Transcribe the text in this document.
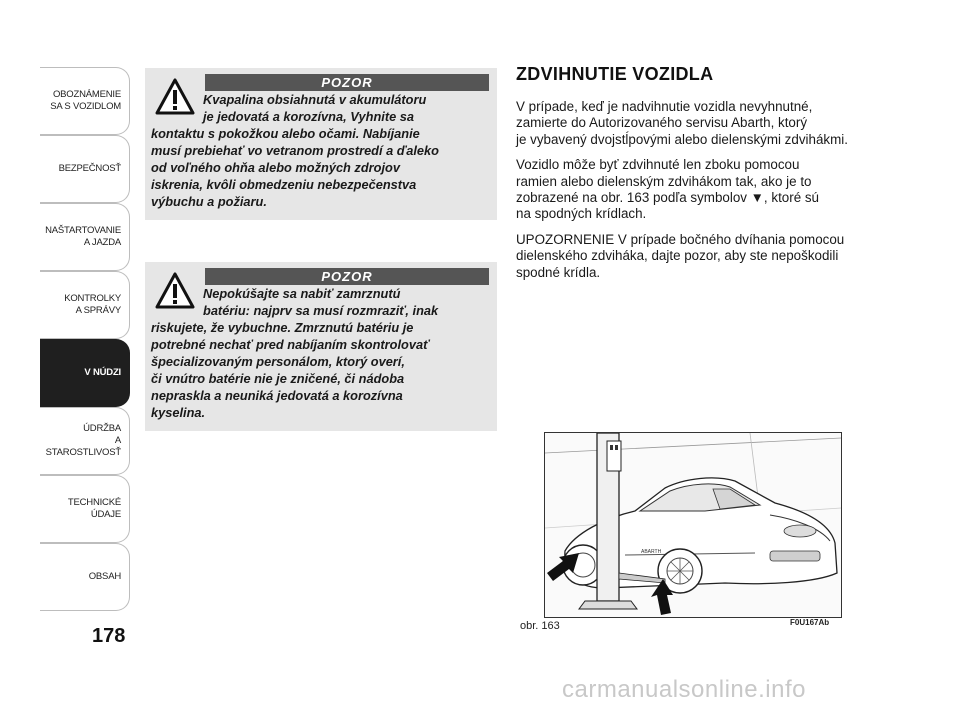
OBOZNÁMENIE
SA S VOZIDLOM
BEZPEČNOSŤ
NAŠTARTOVANIE
A JAZDA
KONTROLKY
A SPRÁVY
V NÚDZI
ÚDRŽBA
A STAROSTLIVOSŤ
TECHNICKÉ
ÚDAJE
OBSAH
178
POZOR
Kvapalina obsiahnutá v akumulátoru
je jedovatá a korozívna, Vyhnite sa
kontaktu s pokožkou alebo očami. Nabíjanie
musí prebiehať vo vetranom prostredí a ďaleko
od voľného ohňa alebo možných zdrojov
iskrenia, kvôli obmedzeniu nebezpečenstva
výbuchu a požiaru.
POZOR
Nepokúšajte sa nabiť zamrznutú
batériu: najprv sa musí rozmraziť, inak
riskujete, že vybuchne. Zmrznutú batériu je
potrebné nechať pred nabíjaním skontrolovať
špecializovaným personálom, ktorý overí,
či vnútro batérie nie je zničené, či nádoba
nepraskla a neuniká jedovatá a korozívna
kyselina.
ZDVIHNUTIE VOZIDLA

V prípade, keď je nadvihnutie vozidla nevyhnutné,
zamierte do Autorizovaného servisu Abarth, ktorý
je vybavený dvojstĺpovými alebo dielenskými zdvihákmi.

Vozidlo môže byť zdvihnuté len zboku pomocou
ramien alebo dielenským zdvihákom tak, ako je to
zobrazené na obr. 163 podľa symbolov ▼, ktoré sú
na spodných krídlach.

UPOZORNENIE V prípade bočného dvíhania pomocou
dielenského zdviháka, dajte pozor, aby ste nepoškodili
spodné krídla.

ABARTH
obr. 163	F0U167Ab
carmanualsonline.info
